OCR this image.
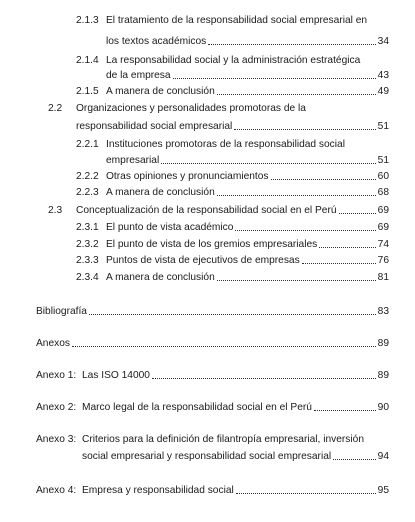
2.1.3 El tratamiento de la responsabilidad social empresarial en
los textos académicos	34
2.1.4 La responsabilidad social y la administración estratégica
de la empresa	43
2.1.5 A manera de conclusión	49
2.2 Organizaciones y personalidades promotoras de la
responsabilidad social empresarial	51
2.2.1 Instituciones promotoras de la responsabilidad social
empresarial	51
2.2.2 Otras opiniones y pronunciamientos	60
2.2.3 A manera de conclusión	68
2.3 Conceptualización de la responsabilidad social en el Perú	69
2.3.1 El punto de vista académico	69
2.3.2 El punto de vista de los gremios empresariales	74
2.3.3 Puntos de vista de ejecutivos de empresas	76
2.3.4 A manera de conclusión	81
Bibliografía	83
Anexos	89
Anexo 1: Las ISO 14000	89
Anexo 2: Marco legal de la responsabilidad social en el Perú	90
Anexo 3: Criterios para la definición de filantropía empresarial, inversión
social empresarial y responsabilidad social empresarial	94
Anexo 4: Empresa y responsabilidad social	95
